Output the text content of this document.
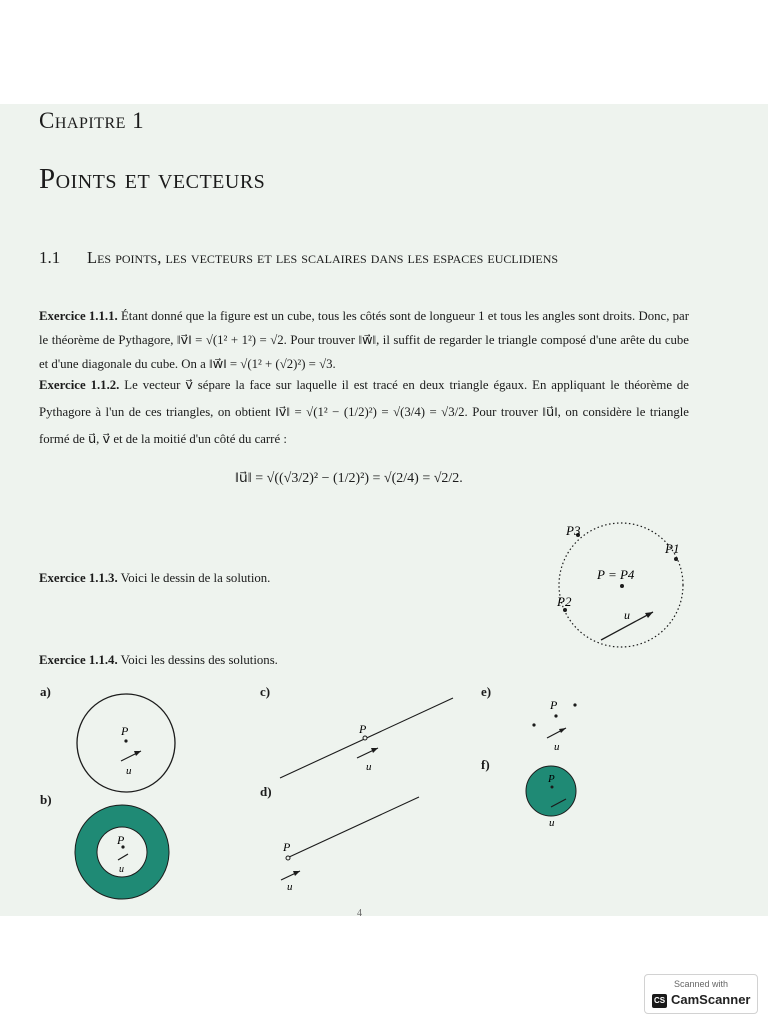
Chapitre 1
Points et vecteurs
1.1 Les points, les vecteurs et les scalaires dans les espaces euclidiens
Exercice 1.1.1. Étant donné que la figure est un cube, tous les côtés sont de longueur 1 et tous les angles sont droits. Donc, par le théorème de Pythagore, ‖v⃗‖ = √(1² + 1²) = √2. Pour trouver ‖w⃗‖, il suffit de regarder le triangle composé d'une arête du cube et d'une diagonale du cube. On a ‖w⃗‖ = √(1² + (√2)²) = √3.
Exercice 1.1.2. Le vecteur v⃗ sépare la face sur laquelle il est tracé en deux triangle égaux. En appliquant le théorème de Pythagore à l'un de ces triangles, on obtient ‖v⃗‖ = √(1² − (1/2)²) = √(3/4) = √3/2. Pour trouver ‖u⃗‖, on considère le triangle formé de u⃗, v⃗ et de la moitié d'un côté du carré :
‖u⃗‖ = √((√3/2)² − (1/2)²) = √(2/4) = √2/2.
Exercice 1.1.3. Voici le dessin de la solution.
P3
P1
P = P4
P2
u⃗
Exercice 1.1.4. Voici les dessins des solutions.
a)
b)
c)
d)
e)
f)
P
u⃗
P
u⃗
P
u⃗
P
u⃗
P
u⃗
P
u
4
Scanned with
CS CamScanner
